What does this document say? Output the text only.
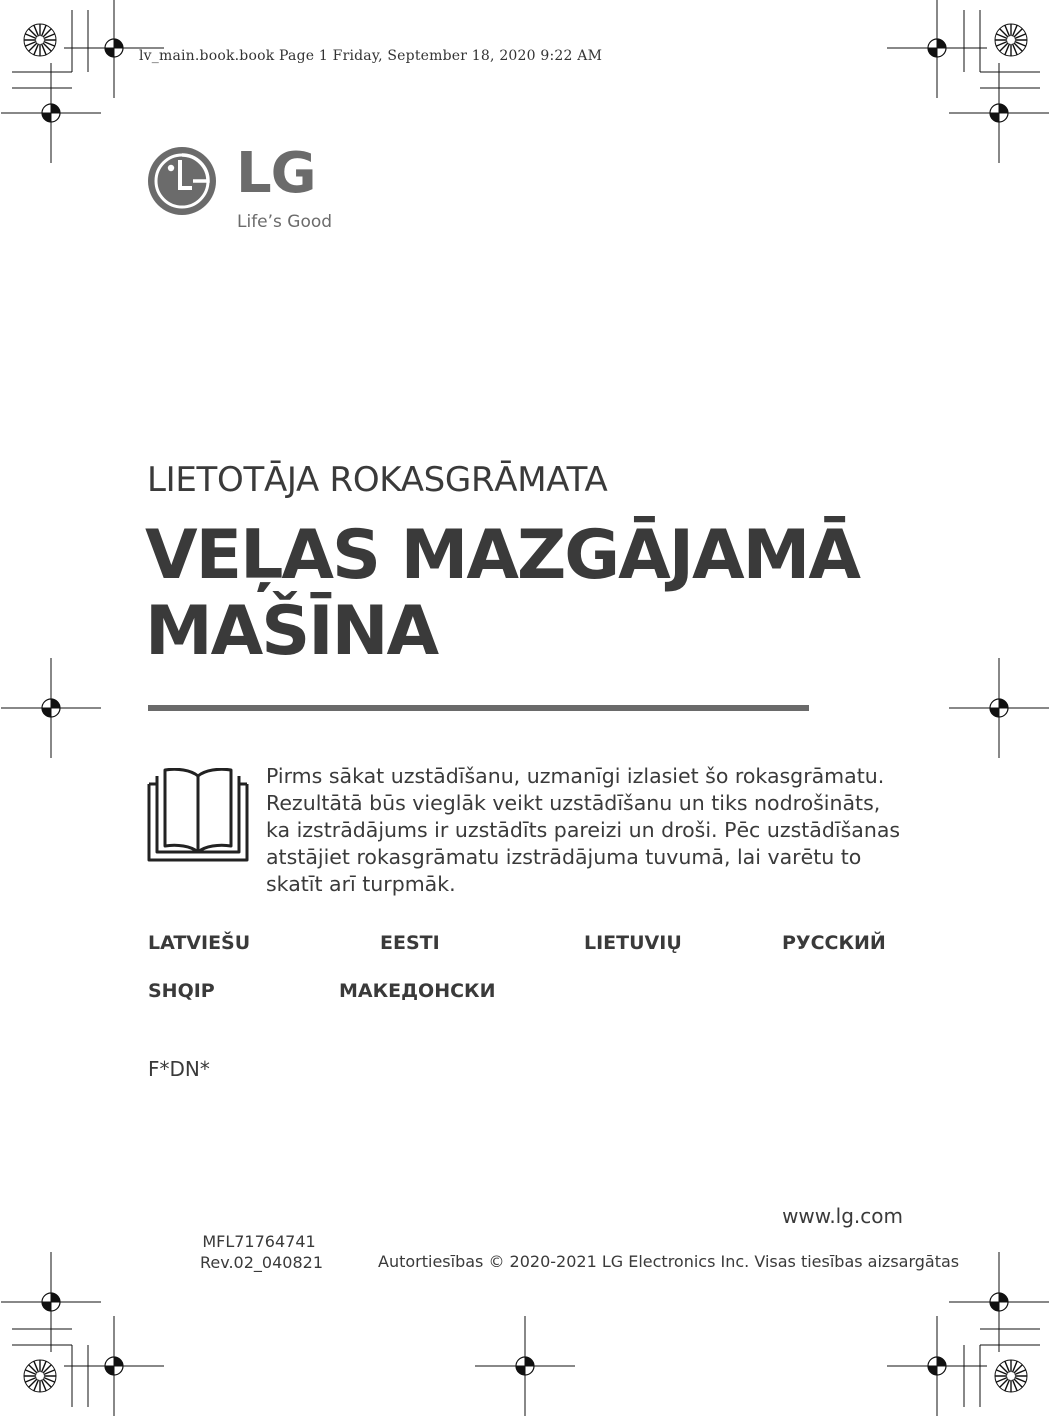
lv_main.book.book Page 1 Friday, September 18, 2020 9:22 AM
LG
Life’s Good
LIETOTĀJA ROKASGRĀMATA
VEĻAS MAZGĀJAMĀ
MAŠĪNA
Pirms sākat uzstādīšanu, uzmanīgi izlasiet šo rokasgrāmatu. Rezultātā būs vieglāk veikt uzstādīšanu un tiks nodrošināts, ka izstrādājums ir uzstādīts pareizi un droši. Pēc uzstādīšanas atstājiet rokasgrāmatu izstrādājuma tuvumā, lai varētu to skatīt arī turpmāk.
LATVIEŠU	EESTI	LIETUVIŲ	РУССКИЙ
SHQIP	МАКЕДОНСКИ
F*DN*
www.lg.com
MFL71764741
Rev.02_040821	Autortiesības © 2020-2021 LG Electronics Inc. Visas tiesības aizsargātas
